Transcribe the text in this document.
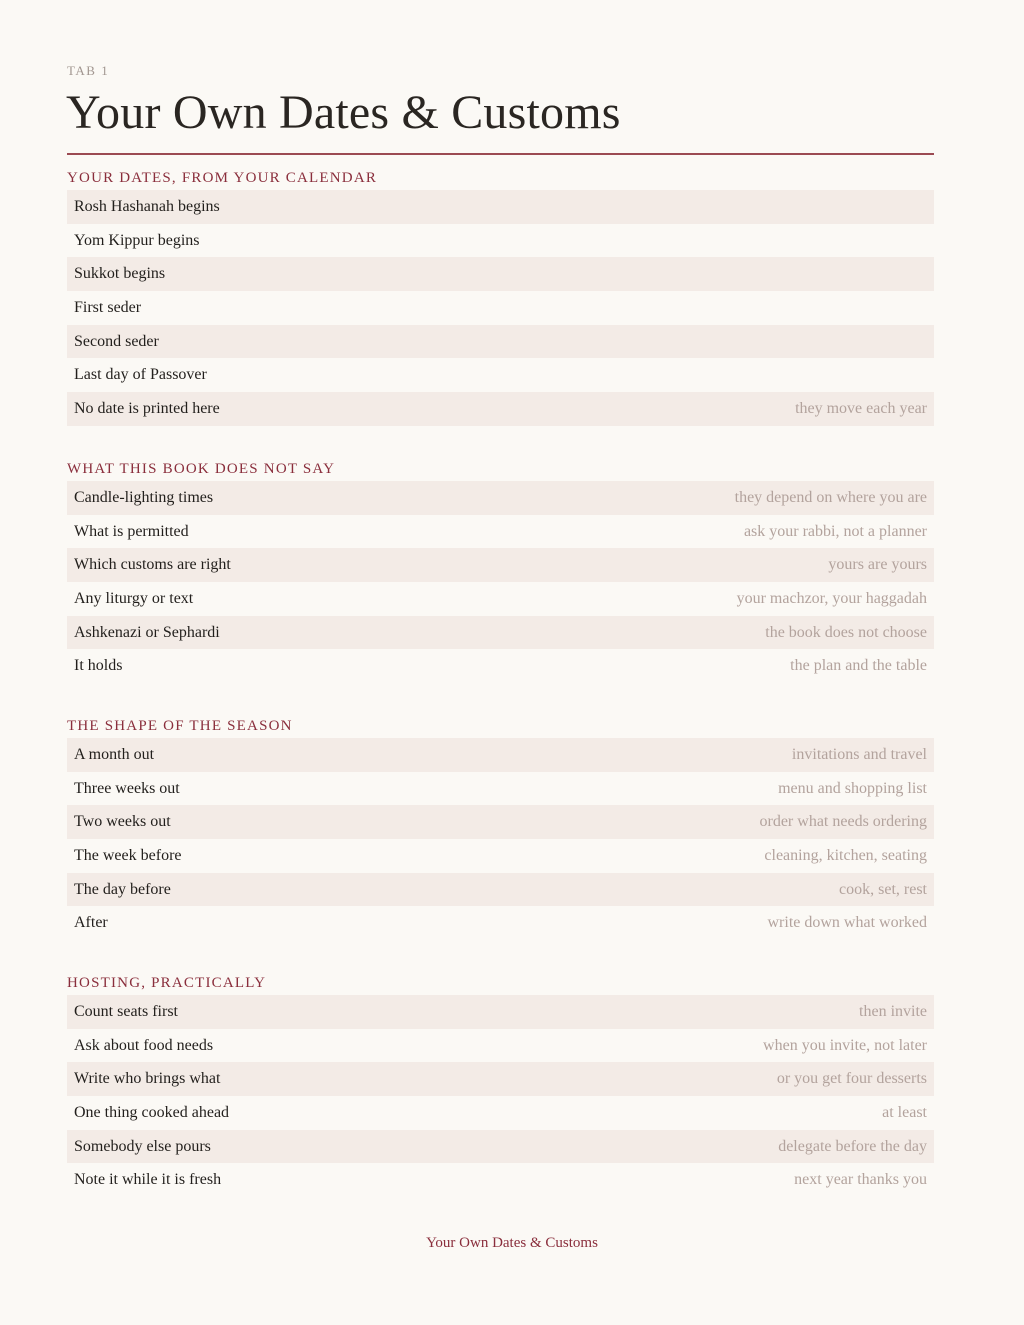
TAB 1
Your Own Dates & Customs
YOUR DATES, FROM YOUR CALENDAR
Rosh Hashanah begins
Yom Kippur begins
Sukkot begins
First seder
Second seder
Last day of Passover
No date is printed here	they move each year
WHAT THIS BOOK DOES NOT SAY
Candle-lighting times	they depend on where you are
What is permitted	ask your rabbi, not a planner
Which customs are right	yours are yours
Any liturgy or text	your machzor, your haggadah
Ashkenazi or Sephardi	the book does not choose
It holds	the plan and the table
THE SHAPE OF THE SEASON
A month out	invitations and travel
Three weeks out	menu and shopping list
Two weeks out	order what needs ordering
The week before	cleaning, kitchen, seating
The day before	cook, set, rest
After	write down what worked
HOSTING, PRACTICALLY
Count seats first	then invite
Ask about food needs	when you invite, not later
Write who brings what	or you get four desserts
One thing cooked ahead	at least
Somebody else pours	delegate before the day
Note it while it is fresh	next year thanks you
Your Own Dates & Customs
